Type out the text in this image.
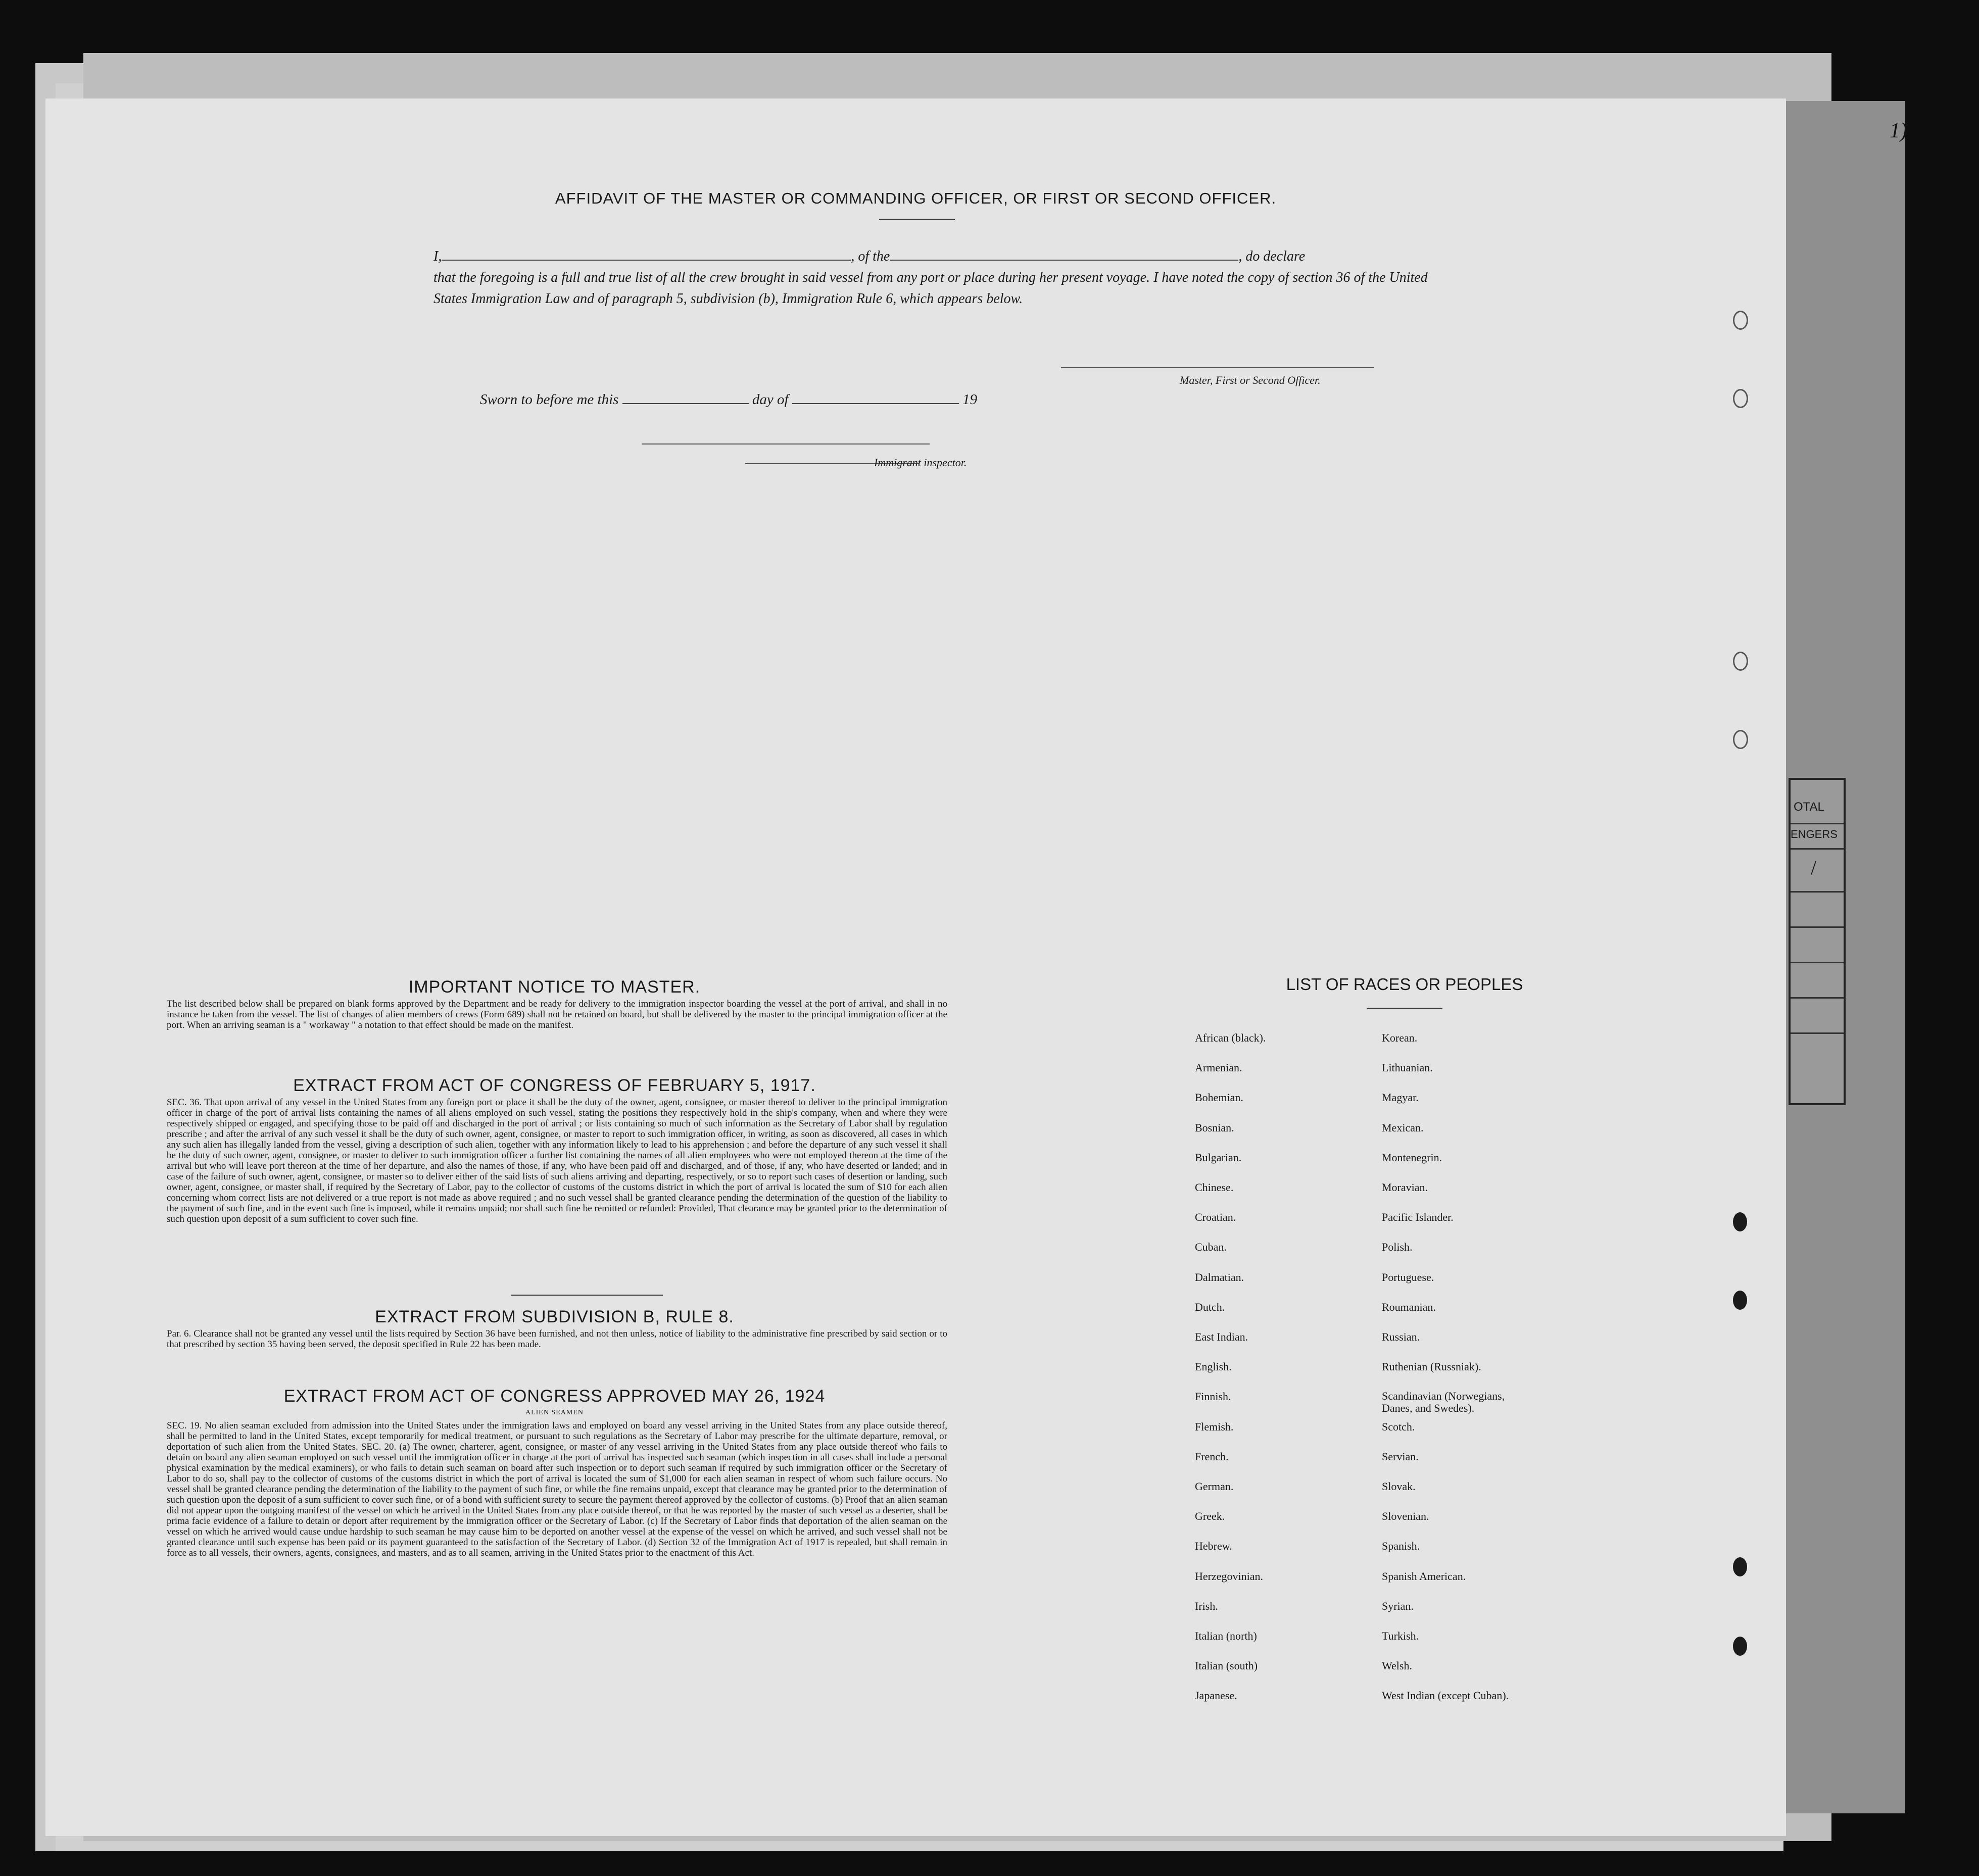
OTAL
ENGERS
/
1)
AFFIDAVIT OF THE MASTER OR COMMANDING OFFICER, OR FIRST OR SECOND OFFICER.
I,	, of the	, do declare
that the foregoing is a full and true list of all the crew brought in said vessel from any port or place during her present voyage. I have noted the copy of section 36 of the United States Immigration Law and of paragraph 5, subdivision (b), Immigration Rule 6, which appears below.
Master, First or Second Officer.
Sworn to before me this	day of	19
Immigrant inspector.
IMPORTANT NOTICE TO MASTER.
The list described below shall be prepared on blank forms approved by the Department and be ready for delivery to the immigration inspector boarding the vessel at the port of arrival, and shall in no instance be taken from the vessel. The list of changes of alien members of crews (Form 689) shall not be retained on board, but shall be delivered by the master to the principal immigration officer at the port. When an arriving seaman is a " workaway " a notation to that effect should be made on the manifest.
EXTRACT FROM ACT OF CONGRESS OF FEBRUARY 5, 1917.
SEC. 36. That upon arrival of any vessel in the United States from any foreign port or place it shall be the duty of the owner, agent, consignee, or master thereof to deliver to the principal immigration officer in charge of the port of arrival lists containing the names of all aliens employed on such vessel, stating the positions they respectively hold in the ship's company, when and where they were respectively shipped or engaged, and specifying those to be paid off and discharged in the port of arrival ; or lists containing so much of such information as the Secretary of Labor shall by regulation prescribe ; and after the arrival of any such vessel it shall be the duty of such owner, agent, consignee, or master to report to such immigration officer, in writing, as soon as discovered, all cases in which any such alien has illegally landed from the vessel, giving a description of such alien, together with any information likely to lead to his apprehension ; and before the departure of any such vessel it shall be the duty of such owner, agent, consignee, or master to deliver to such immigration officer a further list containing the names of all alien employees who were not employed thereon at the time of the arrival but who will leave port thereon at the time of her departure, and also the names of those, if any, who have been paid off and discharged, and of those, if any, who have deserted or landed; and in case of the failure of such owner, agent, consignee, or master so to deliver either of the said lists of such aliens arriving and departing, respectively, or so to report such cases of desertion or landing, such owner, agent, consignee, or master shall, if required by the Secretary of Labor, pay to the collector of customs of the customs district in which the port of arrival is located the sum of $10 for each alien concerning whom correct lists are not delivered or a true report is not made as above required ; and no such vessel shall be granted clearance pending the determination of the question of the liability to the payment of such fine, and in the event such fine is imposed, while it remains unpaid; nor shall such fine be remitted or refunded: Provided, That clearance may be granted prior to the determination of such question upon deposit of a sum sufficient to cover such fine.
EXTRACT FROM SUBDIVISION B, RULE 8.
Par. 6. Clearance shall not be granted any vessel until the lists required by Section 36 have been furnished, and not then unless, notice of liability to the administrative fine prescribed by said section or to that prescribed by section 35 having been served, the deposit specified in Rule 22 has been made.
EXTRACT FROM ACT OF CONGRESS APPROVED MAY 26, 1924
ALIEN SEAMEN
SEC. 19. No alien seaman excluded from admission into the United States under the immigration laws and employed on board any vessel arriving in the United States from any place outside thereof, shall be permitted to land in the United States, except temporarily for medical treatment, or pursuant to such regulations as the Secretary of Labor may prescribe for the ultimate departure, removal, or deportation of such alien from the United States. SEC. 20. (a) The owner, charterer, agent, consignee, or master of any vessel arriving in the United States from any place outside thereof who fails to detain on board any alien seaman employed on such vessel until the immigration officer in charge at the port of arrival has inspected such seaman (which inspection in all cases shall include a personal physical examination by the medical examiners), or who fails to detain such seaman on board after such inspection or to deport such seaman if required by such immigration officer or the Secretary of Labor to do so, shall pay to the collector of customs of the customs district in which the port of arrival is located the sum of $1,000 for each alien seaman in respect of whom such failure occurs. No vessel shall be granted clearance pending the determination of the liability to the payment of such fine, or while the fine remains unpaid, except that clearance may be granted prior to the determination of such question upon the deposit of a sum sufficient to cover such fine, or of a bond with sufficient surety to secure the payment thereof approved by the collector of customs. (b) Proof that an alien seaman did not appear upon the outgoing manifest of the vessel on which he arrived in the United States from any place outside thereof, or that he was reported by the master of such vessel as a deserter, shall be prima facie evidence of a failure to detain or deport after requirement by the immigration officer or the Secretary of Labor. (c) If the Secretary of Labor finds that deportation of the alien seaman on the vessel on which he arrived would cause undue hardship to such seaman he may cause him to be deported on another vessel at the expense of the vessel on which he arrived, and such vessel shall not be granted clearance until such expense has been paid or its payment guaranteed to the satisfaction of the Secretary of Labor. (d) Section 32 of the Immigration Act of 1917 is repealed, but shall remain in force as to all vessels, their owners, agents, consignees, and masters, and as to all seamen, arriving in the United States prior to the enactment of this Act.
LIST OF RACES OR PEOPLES
African (black).
Armenian.
Bohemian.
Bosnian.
Bulgarian.
Chinese.
Croatian.
Cuban.
Dalmatian.
Dutch.
East Indian.
English.
Finnish.
Flemish.
French.
German.
Greek.
Hebrew.
Herzegovinian.
Irish.
Italian (north)
Italian (south)
Japanese.
Korean.
Lithuanian.
Magyar.
Mexican.
Montenegrin.
Moravian.
Pacific Islander.
Polish.
Portuguese.
Roumanian.
Russian.
Ruthenian (Russniak).
Scandinavian (Norwegians, Danes, and Swedes).
Scotch.
Servian.
Slovak.
Slovenian.
Spanish.
Spanish American.
Syrian.
Turkish.
Welsh.
West Indian (except Cuban).
